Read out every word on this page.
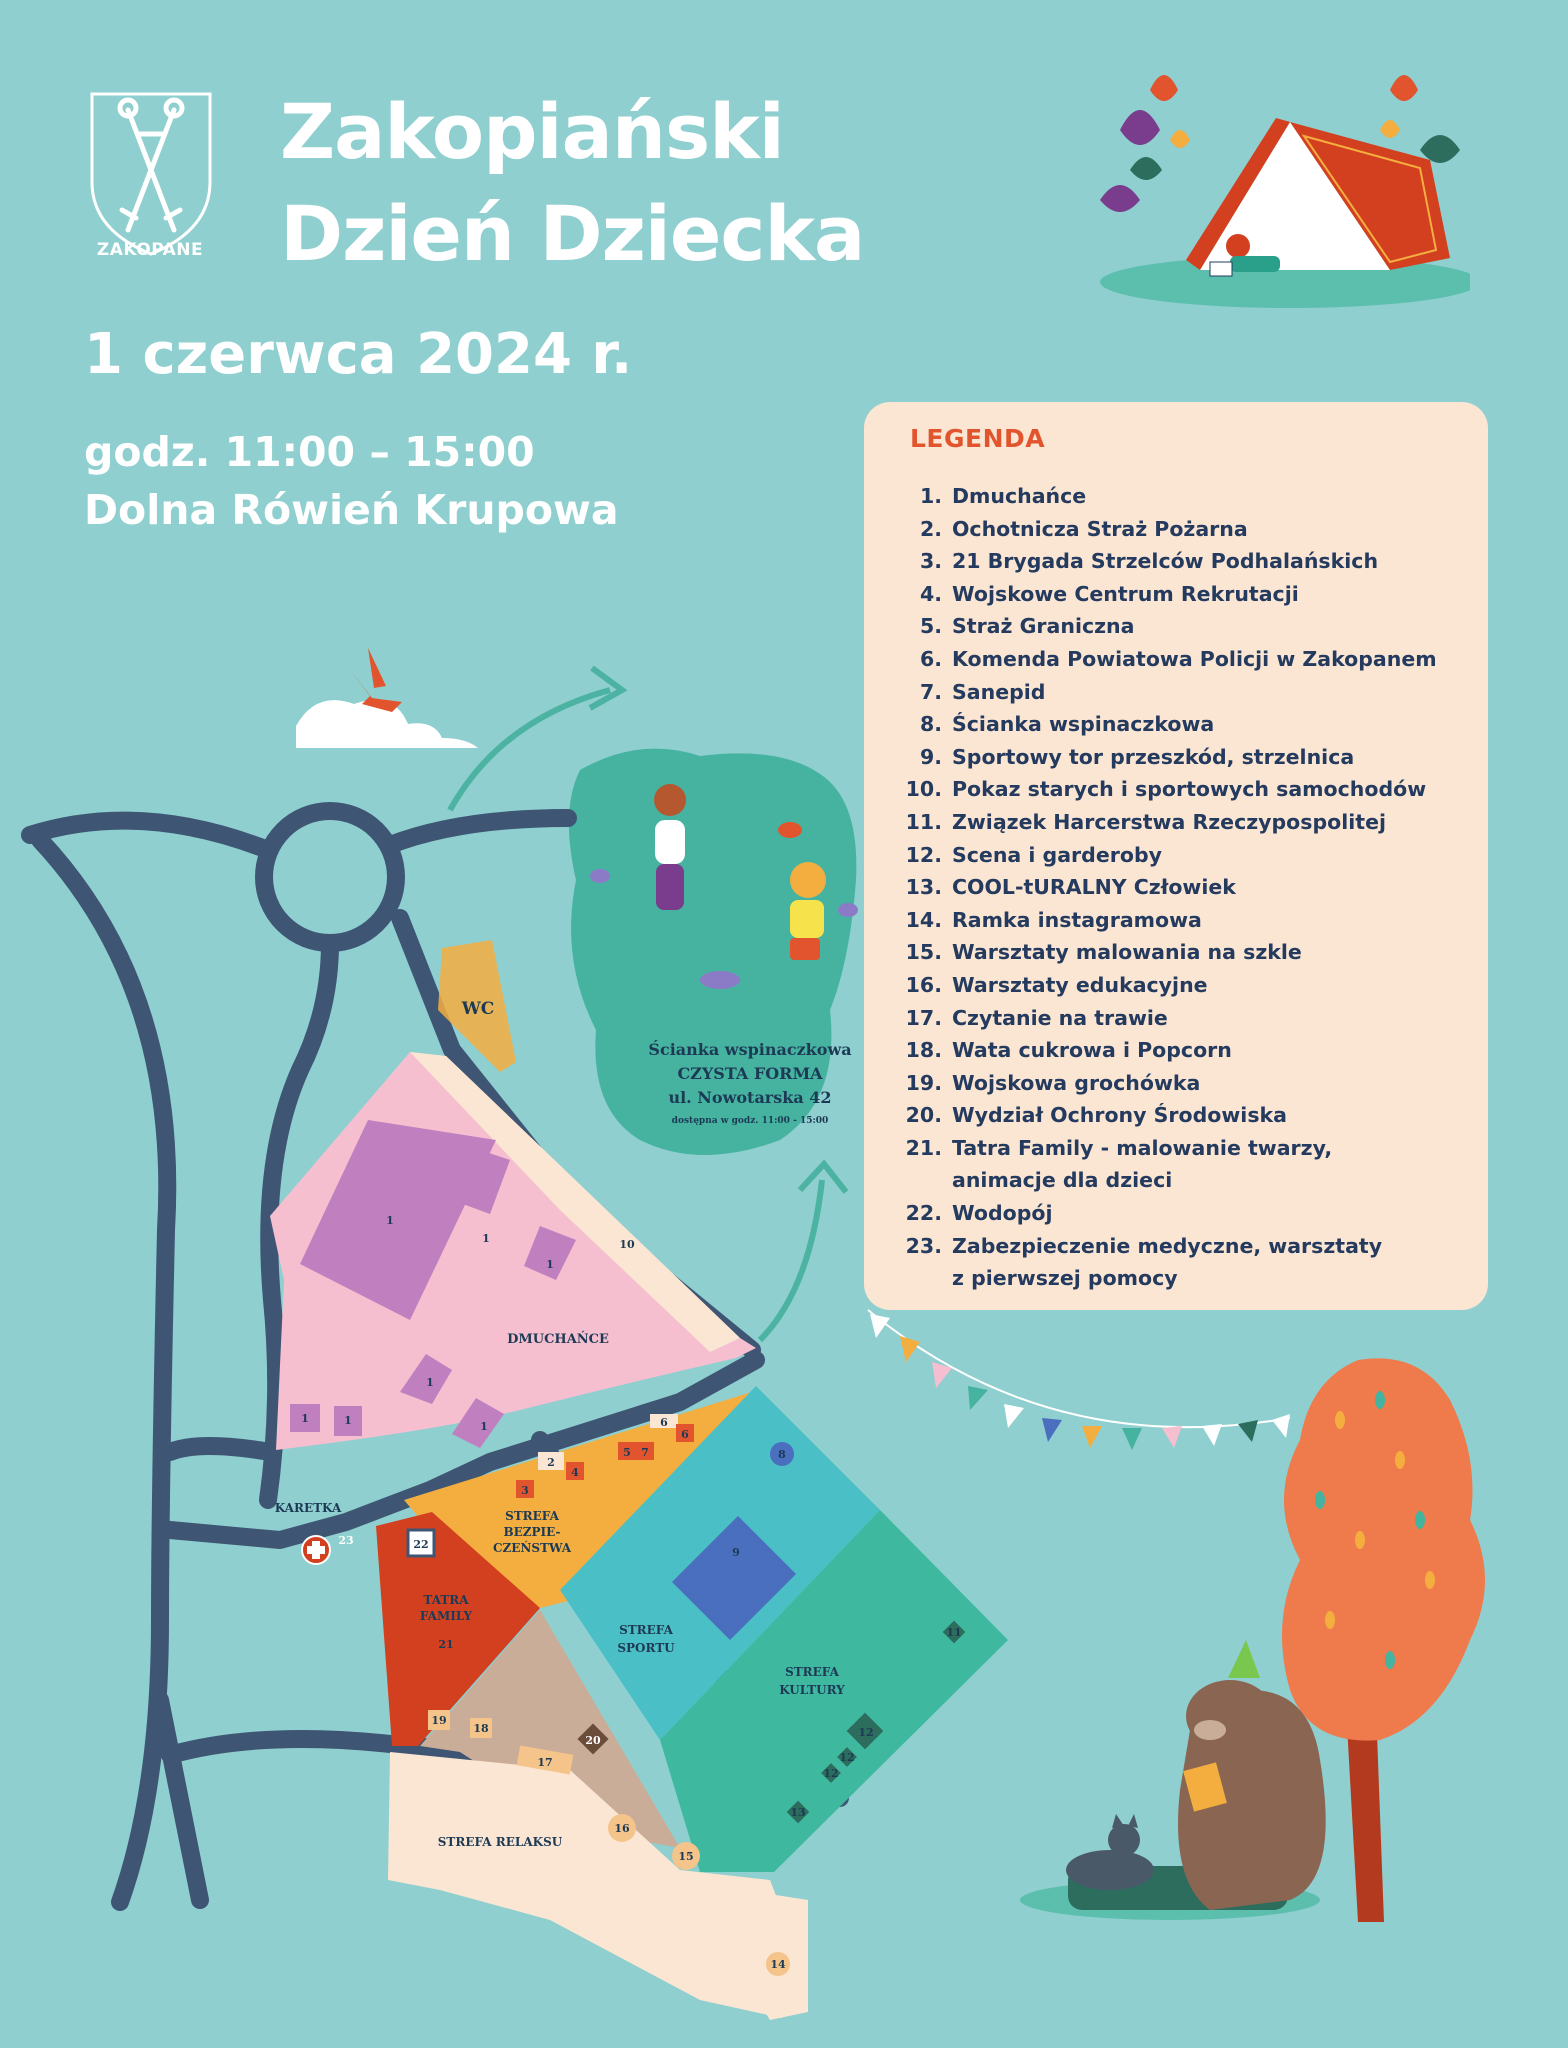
ZAKOPANE
Zakopiański
Dzień Dziecka
1 czerwca 2024 r.
godz. 11:00 – 15:00
Dolna Rówień Krupowa
LEGENDA
1. Dmuchańce
2. Ochotnicza Straż Pożarna
3. 21 Brygada Strzelców Podhalańskich
4. Wojskowe Centrum Rekrutacji
5. Straż Graniczna
6. Komenda Powiatowa Policji w Zakopanem
7. Sanepid
8. Ścianka wspinaczkowa
9. Sportowy tor przeszkód, strzelnica
10. Pokaz starych i sportowych samochodów
11. Związek Harcerstwa Rzeczypospolitej
12. Scena i garderoby
13. COOL-tURALNY Człowiek
14. Ramka instagramowa
15. Warsztaty malowania na szkle
16. Warsztaty edukacyjne
17. Czytanie na trawie
18. Wata cukrowa i Popcorn
19. Wojskowa grochówka
20. Wydział Ochrony Środowiska
21. Tatra Family - malowanie twarzy,
animacje dla dzieci
22. Wodopój
23. Zabezpieczenie medyczne, warsztaty
z pierwszej pomocy
WC
DMUCHAŃCE
KARETKA
STREFA
BEZPIE-
CZEŃSTWA
TATRA
FAMILY
STREFA
SPORTU
STREFA
KULTURY
STREFA RELAKSU
1
1
1
1
1
1	1
10
2
3
4
5 7
6
6
8
9
11
12
12
12
13
14
15
16
17
18
19
20
21
22
23
Ścianka wspinaczkowa
CZYSTA FORMA
ul. Nowotarska 42
dostępna w godz. 11:00 - 15:00
